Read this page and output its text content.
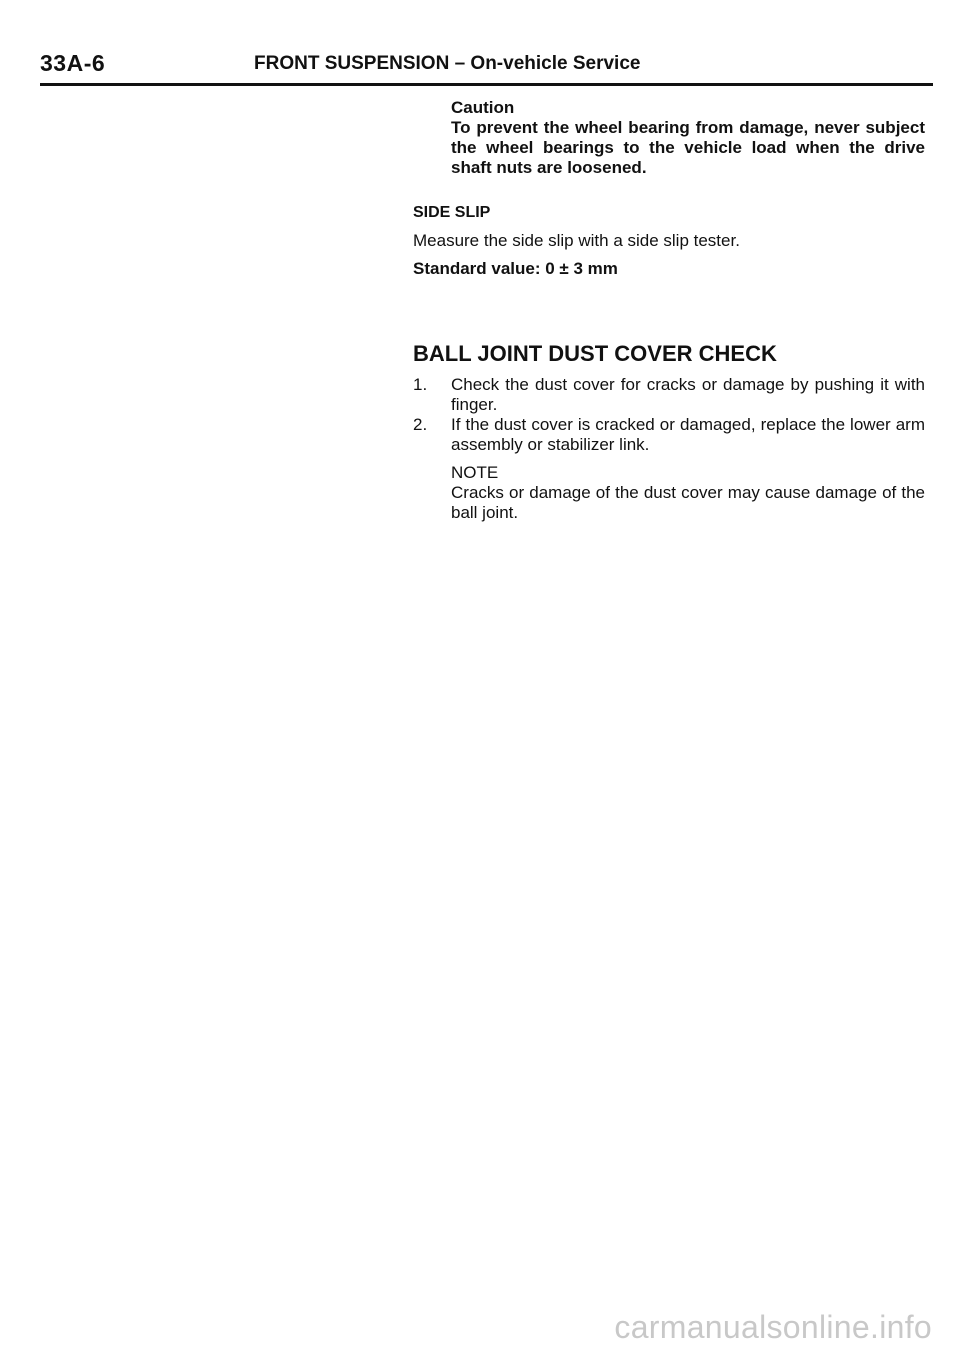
33A-6	FRONT SUSPENSION – On-vehicle Service
Caution
To prevent the wheel bearing from damage, never subject the wheel bearings to the vehicle load when the drive shaft nuts are loosened.
SIDE SLIP
Measure the side slip with a side slip tester.
Standard value: 0 ± 3 mm
BALL JOINT DUST COVER CHECK
1. Check the dust cover for cracks or damage by pushing it with finger.
2. If the dust cover is cracked or damaged, replace the lower arm assembly or stabilizer link.
NOTE
Cracks or damage of the dust cover may cause damage of the ball joint.
carmanualsonline.info
